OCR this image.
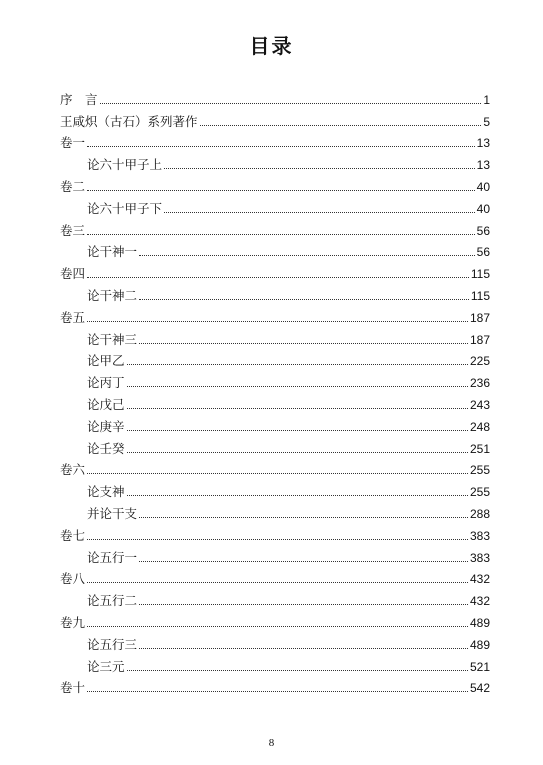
目录
序　言	1
王咸炽（古石）系列著作	5
卷一	13
论六十甲子上	13
卷二	40
论六十甲子下	40
卷三	56
论干神一	56
卷四	115
论干神二	115
卷五	187
论干神三	187
论甲乙	225
论丙丁	236
论戊己	243
论庚辛	248
论壬癸	251
卷六	255
论支神	255
并论干支	288
卷七	383
论五行一	383
卷八	432
论五行二	432
卷九	489
论五行三	489
论三元	521
卷十	542
8
